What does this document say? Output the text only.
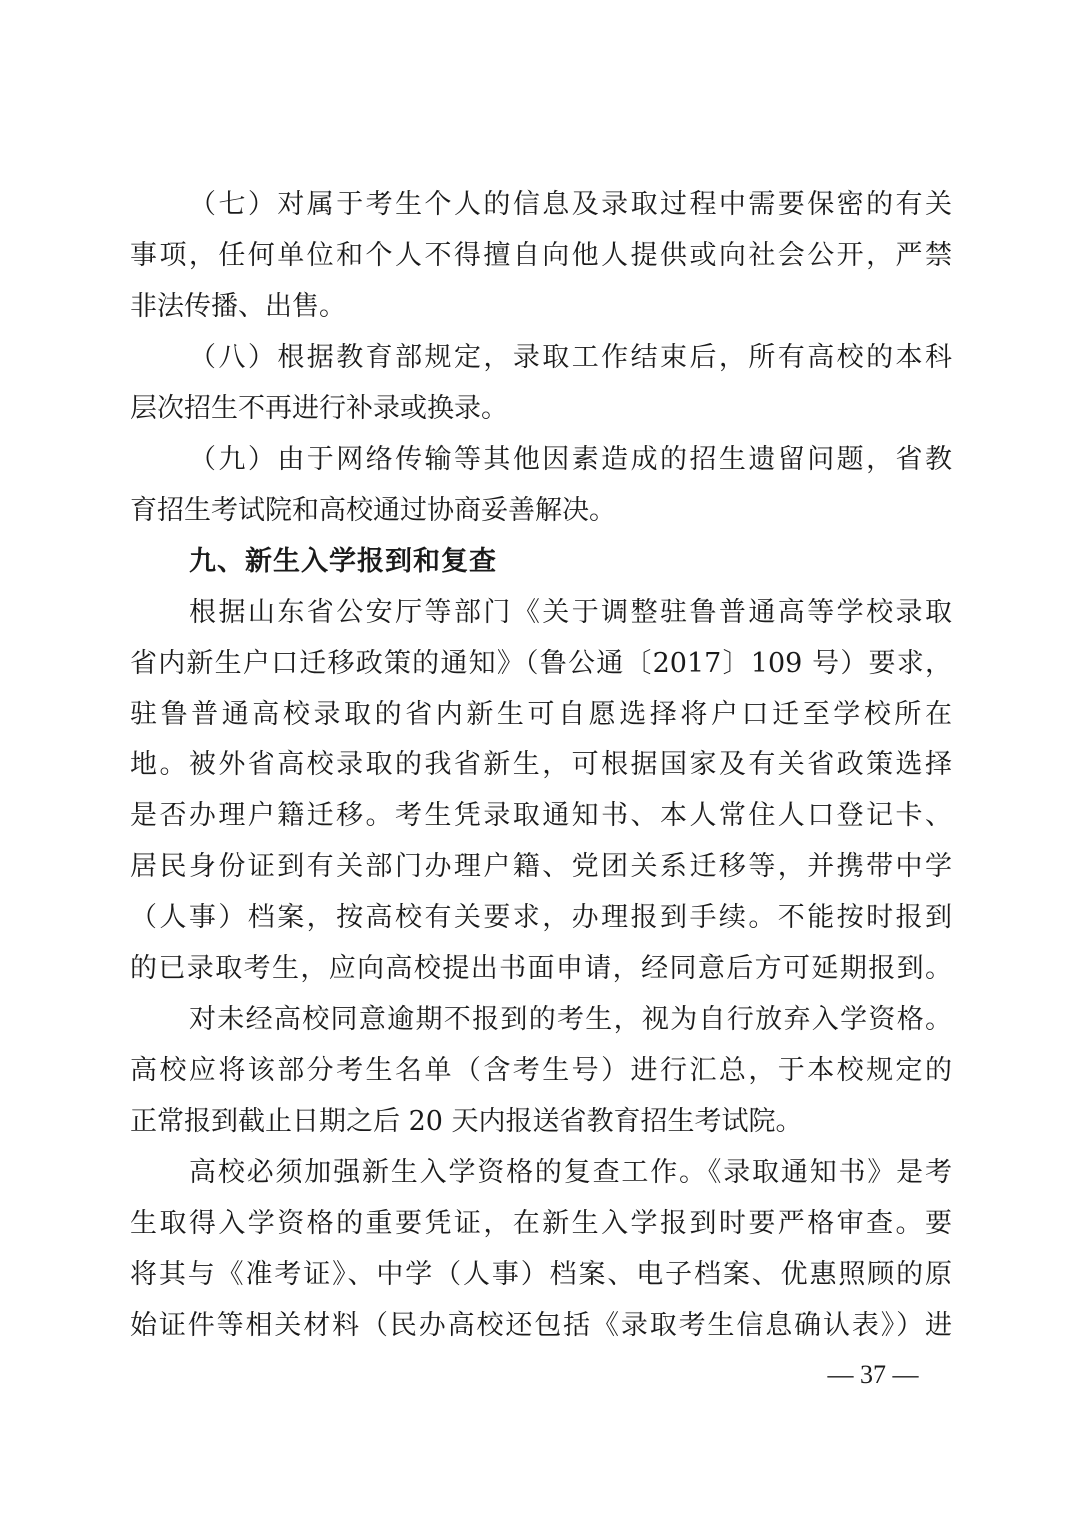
（七）对属于考生个人的信息及录取过程中需要保密的有关
事项，任何单位和个人不得擅自向他人提供或向社会公开，严禁
非法传播、出售。
（八）根据教育部规定，录取工作结束后，所有高校的本科
层次招生不再进行补录或换录。
（九）由于网络传输等其他因素造成的招生遗留问题，省教
育招生考试院和高校通过协商妥善解决。
九、新生入学报到和复查
根据山东省公安厅等部门《关于调整驻鲁普通高等学校录取
省内新生户口迁移政策的通知》（鲁公通〔2017〕109 号）要求，
驻鲁普通高校录取的省内新生可自愿选择将户口迁至学校所在
地。被外省高校录取的我省新生，可根据国家及有关省政策选择
是否办理户籍迁移。考生凭录取通知书、本人常住人口登记卡、
居民身份证到有关部门办理户籍、党团关系迁移等，并携带中学
（人事）档案，按高校有关要求，办理报到手续。不能按时报到
的已录取考生，应向高校提出书面申请，经同意后方可延期报到。
对未经高校同意逾期不报到的考生，视为自行放弃入学资格。
高校应将该部分考生名单（含考生号）进行汇总，于本校规定的
正常报到截止日期之后 20 天内报送省教育招生考试院。
高校必须加强新生入学资格的复查工作。《录取通知书》是考
生取得入学资格的重要凭证，在新生入学报到时要严格审查。要
将其与《准考证》、中学（人事）档案、电子档案、优惠照顾的原
始证件等相关材料（民办高校还包括《录取考生信息确认表》）进
— 37 —
